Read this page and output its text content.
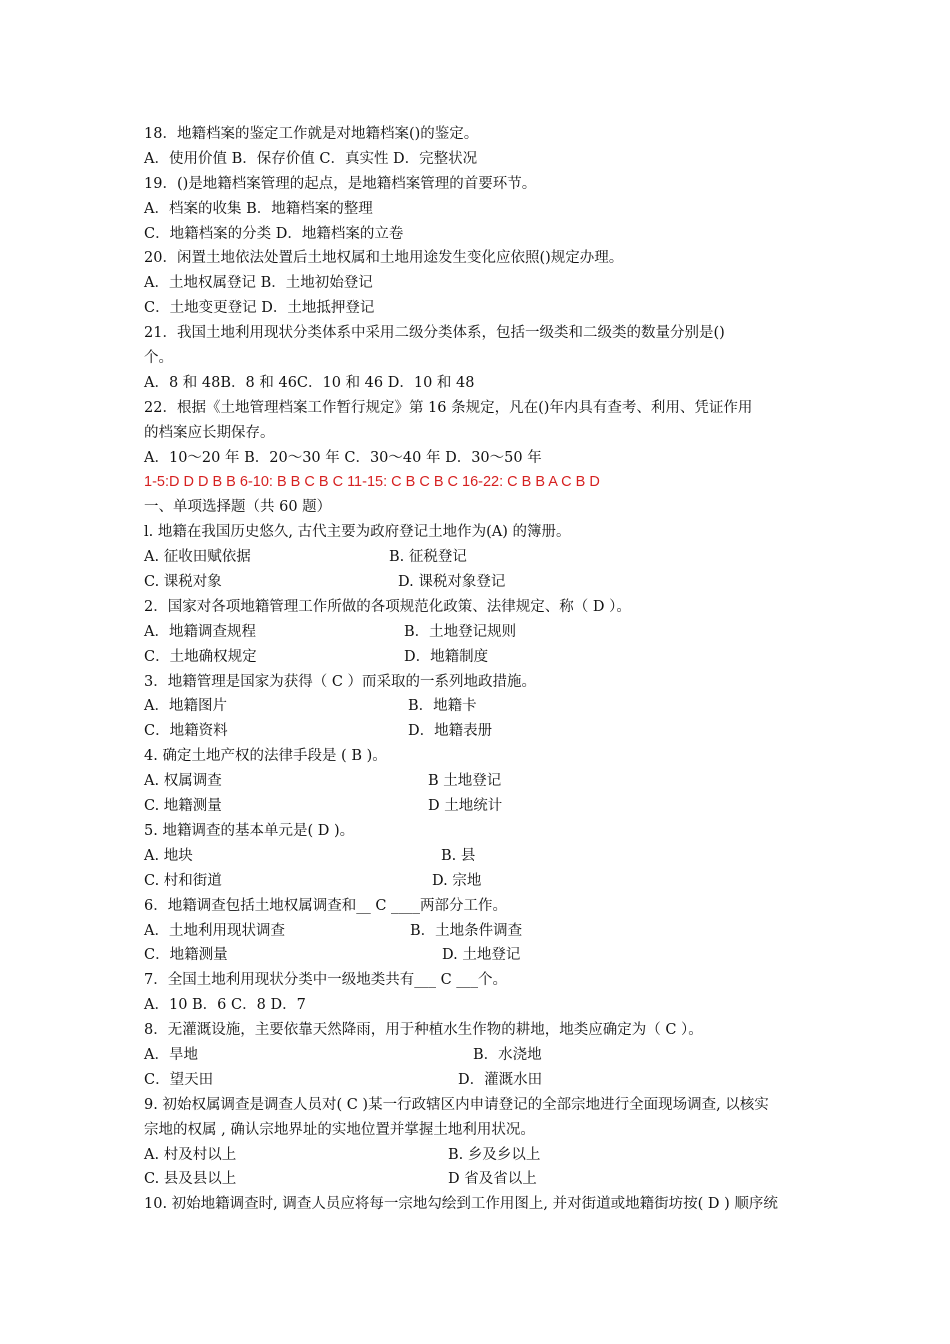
18．地籍档案的鉴定工作就是对地籍档案()的鉴定。
A．使用价值 B．保存价值 C．真实性 D．完整状况
19．()是地籍档案管理的起点，是地籍档案管理的首要环节。
A．档案的收集 B．地籍档案的整理
C．地籍档案的分类 D．地籍档案的立卷
20．闲置土地依法处置后土地权属和土地用途发生变化应依照()规定办理。
A．土地权属登记 B．土地初始登记
C．土地变更登记 D．土地抵押登记
21．我国土地利用现状分类体系中采用二级分类体系，包括一级类和二级类的数量分别是()
个。
A．8 和 48B．8 和 46C．10 和 46 D．10 和 48
22．根据《土地管理档案工作暂行规定》第 16 条规定，凡在()年内具有查考、利用、凭证作用
的档案应长期保存。
A．10～20 年 B．20～30 年 C．30～40 年 D．30～50 年
1-5:D D D B B 6-10: B B C B C 11-15: C B C B C 16-22: C B B A C B D
一、单项选择题（共 60 题）
l. 地籍在我国历史悠久, 古代主要为政府登记土地作为(A) 的簿册。
A. 征收田赋依据	B. 征税登记
C. 课税对象	D. 课税对象登记
2．国家对各项地籍管理工作所做的各项规范化政策、法律规定、称（ D ）。
A．地籍调查规程	B．土地登记规则
C．土地确权规定	D．地籍制度
3．地籍管理是国家为获得（ C ）而采取的一系列地政措施。
A．地籍图片	B．地籍卡
C．地籍资料	D．地籍表册
4. 确定土地产权的法律手段是 ( B )。
A. 权属调查	B 土地登记
C. 地籍测量	D 土地统计
5. 地籍调查的基本单元是( D )。
A. 地块	B. 县
C. 村和街道	D. 宗地
6．地籍调查包括土地权属调查和__ C ____两部分工作。
A．土地利用现状调查	B．土地条件调查
C．地籍测量	D. 土地登记
7．全国土地利用现状分类中一级地类共有___ C ___个。
A．10 B．6 C．8 D．7
8．无灌溉设施，主要依靠天然降雨，用于种植水生作物的耕地，地类应确定为（ C ）。
A．旱地	B．水浇地
C．望天田	D．灌溉水田
9. 初始权属调查是调查人员对( C )某一行政辖区内申请登记的全部宗地进行全面现场调查, 以核实
宗地的权属 , 确认宗地界址的实地位置并掌握土地利用状况。
A. 村及村以上	B. 乡及乡以上
C. 县及县以上	D 省及省以上
10. 初始地籍调查时, 调查人员应将每一宗地勾绘到工作用图上, 并对街道或地籍街坊按( D ) 顺序统
